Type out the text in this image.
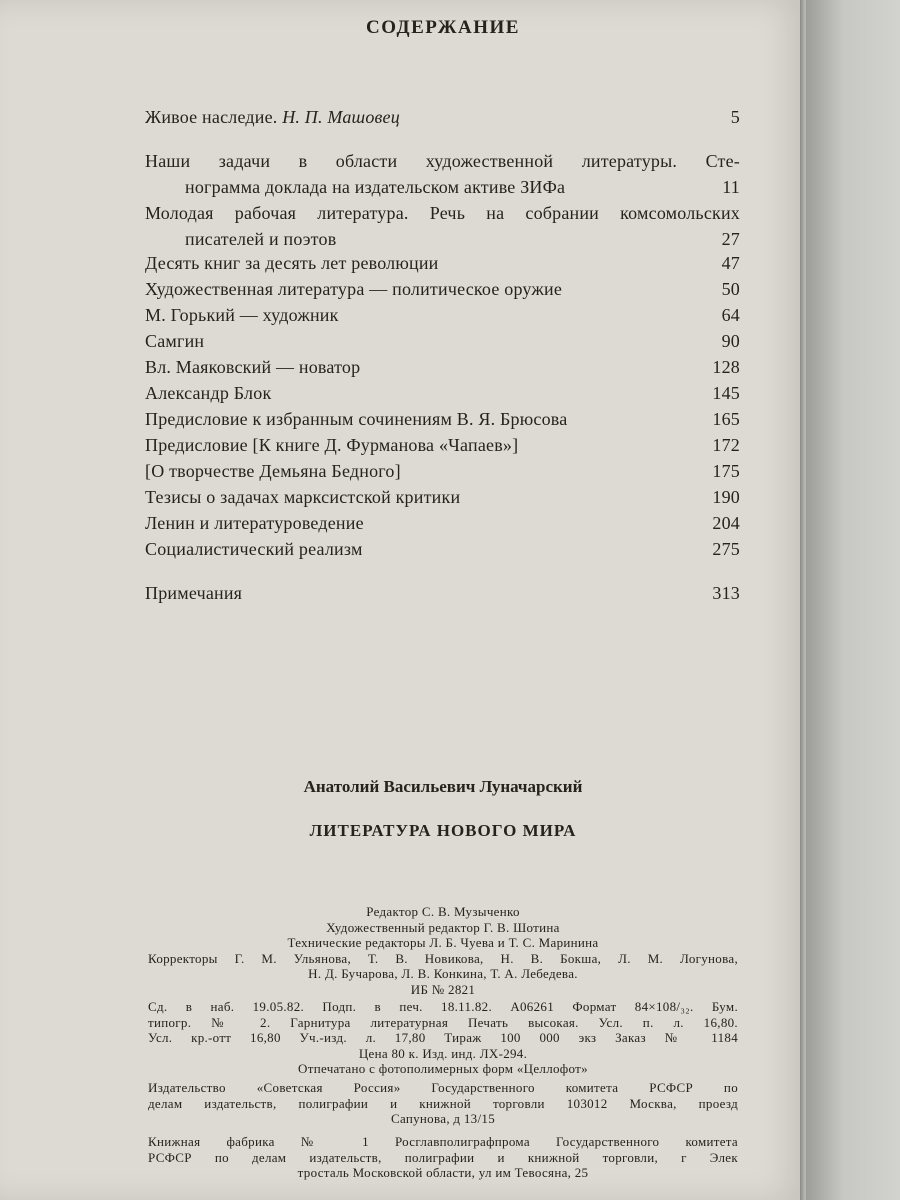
СОДЕРЖАНИЕ
Живое наследие. Н. П. Машовец	5
Наши задачи в области художественной литературы. Сте-
нограмма доклада на издательском активе ЗИФа	11
Молодая рабочая литература. Речь на собрании комсомольских
писателей и поэтов	27
Десять книг за десять лет революции	47
Художественная литература — политическое оружие	50
М. Горький — художник	64
Самгин	90
Вл. Маяковский — новатор	128
Александр Блок	145
Предисловие к избранным сочинениям В. Я. Брюсова	165
Предисловие [К книге Д. Фурманова «Чапаев»]	172
[О творчестве Демьяна Бедного]	175
Тезисы о задачах марксистской критики	190
Ленин и литературоведение	204
Социалистический реализм	275
Примечания	313
Анатолий Васильевич Луначарский
ЛИТЕРАТУРА НОВОГО МИРА
Редактор С. В. Музыченко
Художественный редактор Г. В. Шотина
Технические редакторы Л. Б. Чуева и Т. С. Маринина
Корректоры Г. М. Ульянова, Т. В. Новикова, Н. В. Бокша, Л. М. Логунова,
Н. Д. Бучарова, Л. В. Конкина, Т. А. Лебедева.
ИБ № 2821
Сд. в наб. 19.05.82. Подп. в печ. 18.11.82. А06261 Формат 84×108/₃₂. Бум.
типогр. № 2. Гарнитура литературная Печать высокая. Усл. п. л. 16,80.
Усл. кр.-отт 16,80 Уч.-изд. л. 17,80 Тираж 100 000 экз Заказ № 1184
Цена 80 к. Изд. инд. ЛХ-294.
Отпечатано с фотополимерных форм «Целлофот»
Издательство «Советская Россия» Государственного комитета РСФСР по
делам издательств, полиграфии и книжной торговли 103012 Москва, проезд
Сапунова, д 13/15
Книжная фабрика № 1 Росглавполиграфпрома Государственного комитета
РСФСР по делам издательств, полиграфии и книжной торговли, г Элек
тросталь Московской области, ул им Тевосяна, 25
